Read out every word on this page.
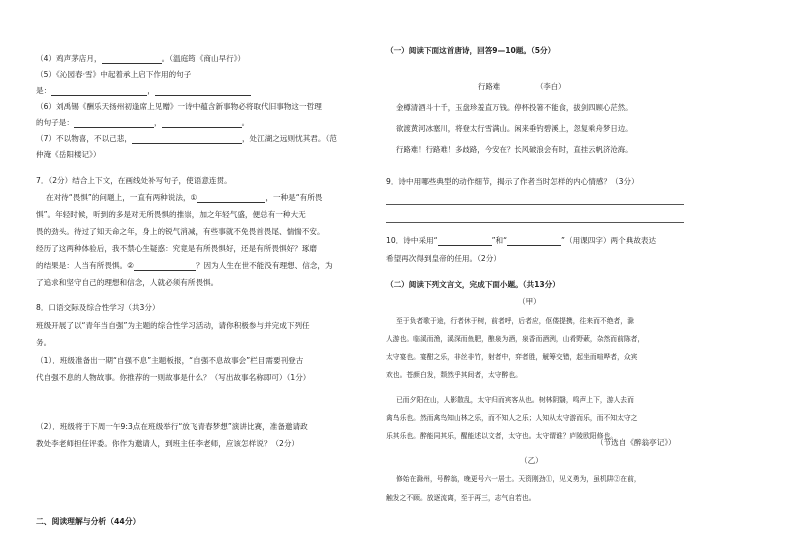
（4）鸡声茅店月，	。（温庭筠《商山早行》）
（5）《沁园春·雪》中起着承上启下作用的句子
是：	，
（6）刘禹锡《酬乐天扬州初逢席上见赠》一诗中蕴含新事物必将取代旧事物这一哲理
的句子是：	，	。
（7）不以物喜，不以己悲，	，处江湖之远则忧其君。（范
仲淹《岳阳楼记》）
7．（2分）结合上下文，在画线处补写句子，使语意连贯。
在对待“畏惧”的问题上，一直有两种说法，①	，一种是“有所畏
惧”。年轻时候，听到的多是对无所畏惧的推崇，加之年轻气盛，便总有一种大无
畏的劲头。待过了知天命之年，身上的锐气消减，有些事就不免畏首畏尾、惴惴不安。
经历了这两种体验后，我不禁心生疑惑：究竟是有所畏惧好，还是有所畏惧好？琢磨
的结果是：人当有所畏惧。②	？因为人生在世不能没有理想、信念，为
了追求和坚守自己的理想和信念，人就必须有所畏惧。
8．口语交际及综合性学习（共3分）
班级开展了以“青年当自强”为主题的综合性学习活动，请你积极参与并完成下列任
务。
（1）．班级准备出一期“自强不息”主题板报，“自强不息故事会”栏目需要刊登古
代自强不息的人物故事。你推荐的一则故事是什么？（写出故事名称即可）（1分）
（2）．班级将于下周一午9:3点在班级举行“放飞青春梦想”演讲比赛，准备邀请政
教处李老师担任评委。你作为邀请人，到班主任李老师，应该怎样说？（2分）
二、阅读理解与分析（44分）
（一）阅读下面这首唐诗，回答9—10题。（5分）
行路难	（李白）
金樽清酒斗十千，玉盘珍羞直万钱。停杯投箸不能食，拔剑四顾心茫然。
欲渡黄河冰塞川，将登太行雪满山。闲来垂钓碧溪上，忽复乘舟梦日边。
行路难！行路难！多歧路，今安在？长风破浪会有时，直挂云帆济沧海。
9．诗中用哪些典型的动作细节，揭示了作者当时怎样的内心情感？（3分）
10．诗中采用“	”和“	”（用课四字）两个典故表达
希望再次得到皇帝的任用。（2分）
（二）阅读下列文言文，完成下面小题。（共13分）
（甲）
至于负者歌于途，行者休于树，前者呼，后者应，伛偻提携，往来而不绝者，滁
人游也。临溪而渔，溪深而鱼肥，酿泉为酒，泉香而酒洌，山肴野蔌，杂然而前陈者，
太守宴也。宴酣之乐，非丝非竹，射者中，弈者胜，觥筹交错，起坐而喧哗者，众宾
欢也。苍颜白发，颓然乎其间者，太守醉也。
已而夕阳在山，人影散乱，太守归而宾客从也。树林阴翳，鸣声上下，游人去而
禽鸟乐也。然而禽鸟知山林之乐，而不知人之乐；人知从太守游而乐，而不知太守之
乐其乐也。醉能同其乐，醒能述以文者，太守也。太守谓谁？庐陵欧阳修也。
（节选自《醉翁亭记》）
（乙）
修始在滁州，号醉翁，晚更号六一居士。天资刚劲①，见义勇为，虽机阱②在前，
触发之不顾。放逐流离，至于再三，志气自若也。
